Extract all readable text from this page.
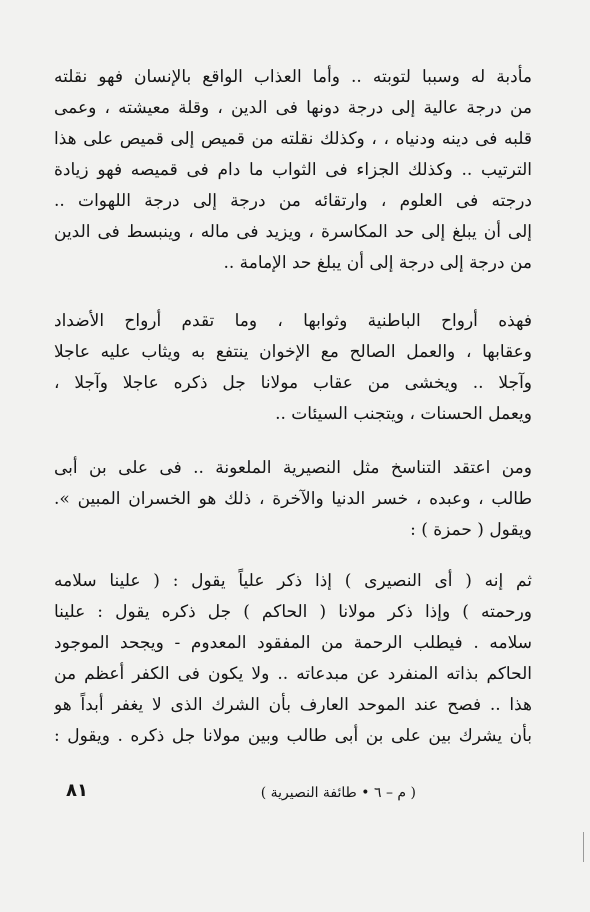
مأدبة له وسببا لتوبته .. وأما العذاب الواقع بالإنسان فهو نقلته
من درجة عالية إلى درجة دونها فى الدين ، وقلة معيشته ، وعمى
قلبه فى دينه ودنياه ، ، وكذلك نقلته من قميص إلى قميص على هذا
الترتيب .. وكذلك الجزاء فى الثواب ما دام فى قميصه فهو زيادة
درجته فى العلوم ، وارتقائه من درجة إلى درجة اللهوات ..
إلى أن يبلغ إلى حد المكاسرة ، ويزيد فى ماله ، وينبسط فى الدين
من درجة إلى درجة إلى أن يبلغ حد الإمامة ..
فهذه أرواح الباطنية وثوابها ، وما تقدم أرواح الأضداد
وعقابها ، والعمل الصالح مع الإخوان ينتفع به ويثاب عليه عاجلا
وآجلا .. ويخشى من عقاب مولانا جل ذكره عاجلا وآجلا ،
ويعمل الحسنات ، ويتجنب السيئات ..
ومن اعتقد التناسخ مثل النصيرية الملعونة .. فى على بن أبى
طالب ، وعبده ، خسر الدنيا والآخرة ، ذلك هو الخسران المبين ».
ويقول ( حمزة ) :
ثم إنه ( أى النصيرى ) إذا ذكر علياً يقول : ( علينا سلامه
ورحمته ) وإذا ذكر مولانا ( الحاكم ) جل ذكره يقول : علينا
سلامه . فيطلب الرحمة من المفقود المعدوم - ويجحد الموجود
الحاكم بذاته المنفرد عن مبدعاته .. ولا يكون فى الكفر أعظم من
هذا .. فصح عند الموحد العارف بأن الشرك الذى لا يغفر أبداً هو
بأن يشرك بين على بن أبى طالب وبين مولانا جل ذكره . ويقول :
( م – ٦ • طائفة النصيرية )
٨١
